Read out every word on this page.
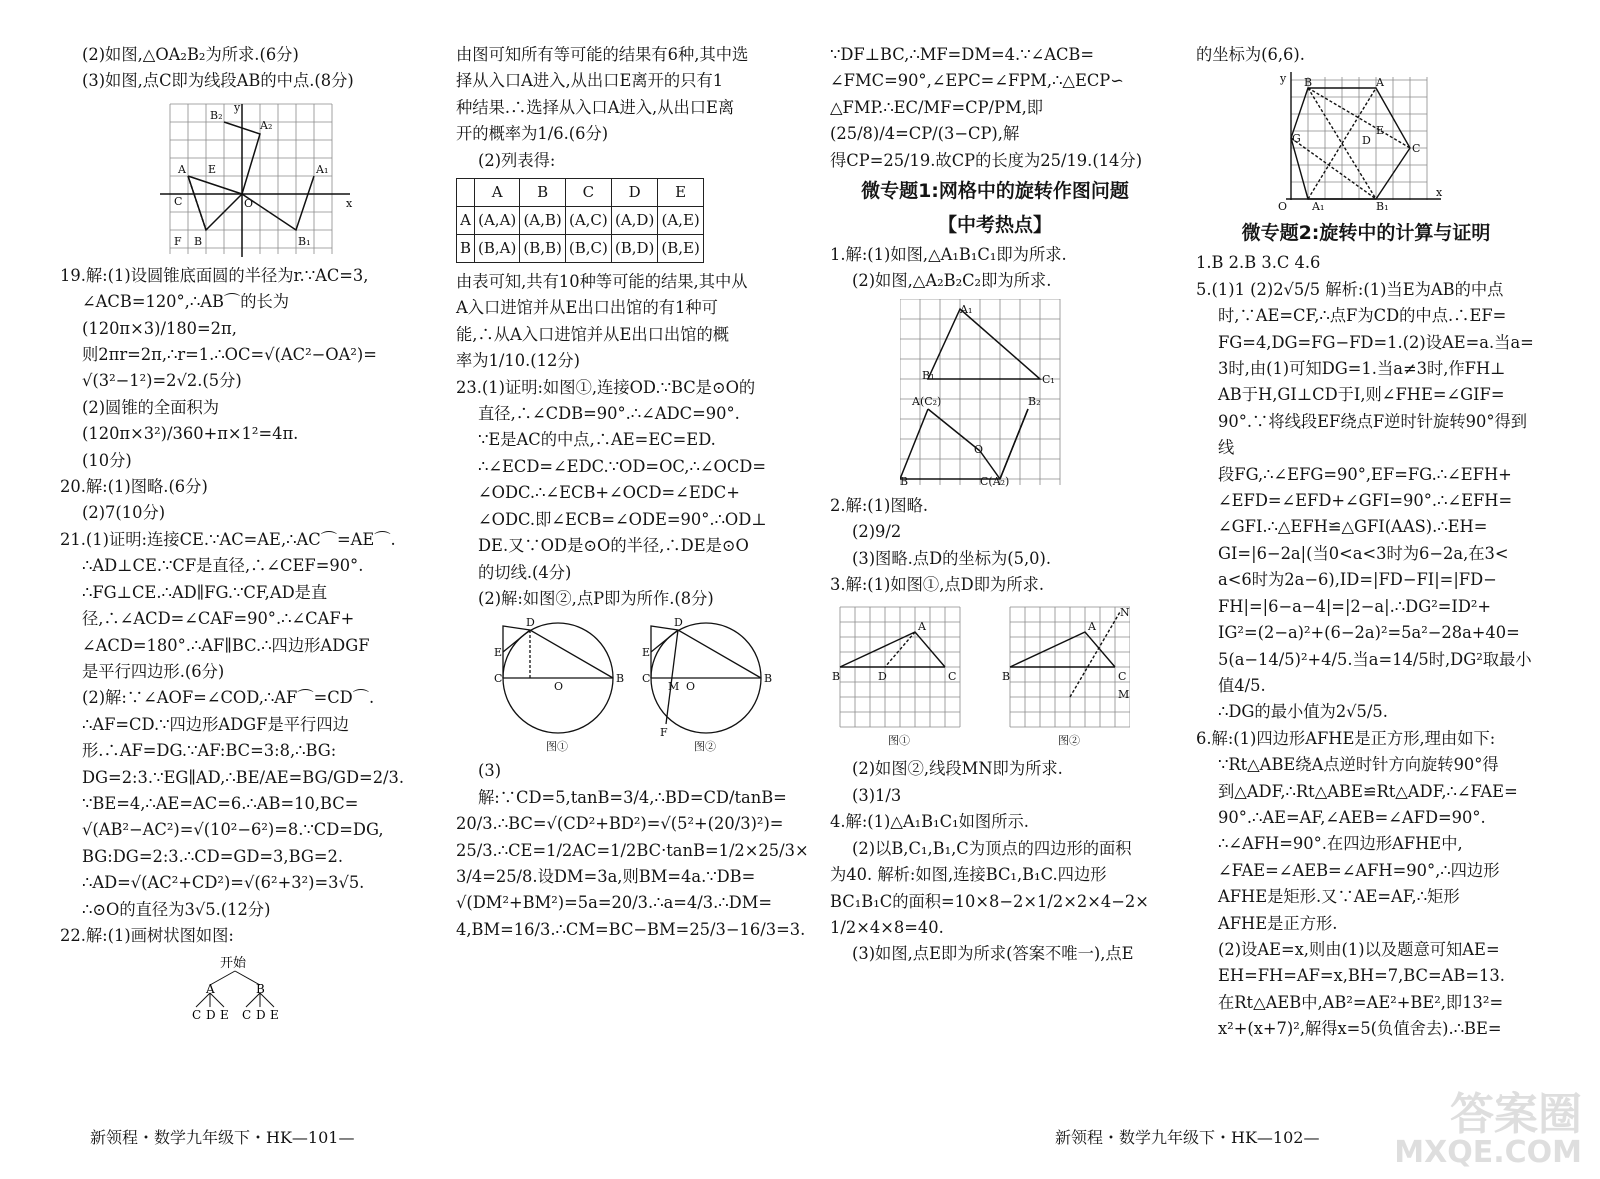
(2)如图,△OA₂B₂为所求.(6分)

(3)如图,点C即为线段AB的中点.(8分)

x
y
O
A E
C
F B
B₂
A₂
A₁
B₁

19.解:(1)设圆锥底面圆的半径为r.∵AC=3,

∠ACB=120°,∴AB⌒的长为(120π×3)/180=2π,

则2πr=2π,∴r=1.∴OC=√(AC²−OA²)=

√(3²−1²)=2√2.(5分)

(2)圆锥的全面积为(120π×3²)/360+π×1²=4π.

(10分)

20.解:(1)图略.(6分)

(2)7(10分)

21.(1)证明:连接CE.∵AC=AE,∴AC⌒=AE⌒.

∴AD⊥CE.∵CF是直径,∴∠CEF=90°.

∴FG⊥CE.∴AD∥FG.∵CF,AD是直

径,∴∠ACD=∠CAF=90°.∴∠CAF+

∠ACD=180°.∴AF∥BC.∴四边形ADGF

是平行四边形.(6分)

(2)解:∵∠AOF=∠COD,∴AF⌒=CD⌒.

∴AF=CD.∵四边形ADGF是平行四边

形.∴AF=DG.∵AF:BC=3:8,∴BG:

DG=2:3.∵EG∥AD,∴BE/AE=BG/GD=2/3.

∵BE=4,∴AE=AC=6.∴AB=10,BC=

√(AB²−AC²)=√(10²−6²)=8.∵CD=DG,

BG:DG=2:3.∴CD=GD=3,BG=2.

∴AD=√(AC²+CD²)=√(6²+3²)=3√5.

∴⊙O的直径为3√5.(12分)

22.解:(1)画树状图如图:

开始
A	B
C D E C D E

由图可知所有等可能的结果有6种,其中选

择从入口A进入,从出口E离开的只有1

种结果.∴选择从入口A进入,从出口E离

开的概率为1/6.(6分)

(2)列表得:

	A	B	C	D	E
A	(A,A)	(A,B)	(A,C)	(A,D)	(A,E)
B	(B,A)	(B,B)	(B,C)	(B,D)	(B,E)

由表可知,共有10种等可能的结果,其中从

A入口进馆并从E出口出馆的有1种可

能,∴从A入口进馆并从E出口出馆的概

率为1/10.(12分)

23.(1)证明:如图①,连接OD.∵BC是⊙O的

直径,∴∠CDB=90°.∴∠ADC=90°.

∵E是AC的中点,∴AE=EC=ED.

∴∠ECD=∠EDC.∵OD=OC,∴∠OCD=

∠ODC.∴∠ECB+∠OCD=∠EDC+

∠ODC.即∠ECB=∠ODE=90°.∴OD⊥

DE.又∵OD是⊙O的半径,∴DE是⊙O

的切线.(4分)

(2)解:如图②,点P即为所作.(8分)

D
E
C	B
O
D
E
C	B
M O
F
图①	图②

(3)解:∵CD=5,tanB=3/4,∴BD=CD/tanB=

20/3.∴BC=√(CD²+BD²)=√(5²+(20/3)²)=

25/3.∴CE=1/2AC=1/2BC·tanB=1/2×25/3×

3/4=25/8.设DM=3a,则BM=4a.∵DB=

√(DM²+BM²)=5a=20/3.∴a=4/3.∴DM=

4,BM=16/3.∴CM=BC−BM=25/3−16/3=3.

∵DF⊥BC,∴MF=DM=4.∵∠ACB=

∠FMC=90°,∠EPC=∠FPM,∴△ECP∽

△FMP.∴EC/MF=CP/PM,即(25/8)/4=CP/(3−CP),解

得CP=25/19.故CP的长度为25/19.(14分)

微专题1:网格中的旋转作图问题

【中考热点】

1.解:(1)如图,△A₁B₁C₁即为所求.

(2)如图,△A₂B₂C₂即为所求.

A₁
B₁	C₁
A(C₂)	B₂
O
B	C(A₂)

2.解:(1)图略.

(2)9/2

(3)图略.点D的坐标为(5,0).

3.解:(1)如图①,点D即为所求.

B
A
C
D	B
A
C
N
M
图①	图②

(2)如图②,线段MN即为所求.

(3)1/3

4.解:(1)△A₁B₁C₁如图所示.

(2)以B,C₁,B₁,C为顶点的四边形的面积

为40. 解析:如图,连接BC₁,B₁C.四边形

BC₁B₁C的面积=10×8−2×1/2×2×4−2×

1/2×4×8=40.

(3)如图,点E即为所求(答案不唯一),点E

的坐标为(6,6).

y
x
O
B	A
C
G	D
E
A₁	B₁

微专题2:旋转中的计算与证明

1.B 2.B 3.C 4.6

5.(1)1 (2)2√5/5 解析:(1)当E为AB的中点

时,∵AE=CF,∴点F为CD的中点.∴EF=

FG=4,DG=FG−FD=1.(2)设AE=a.当a=

3时,由(1)可知DG=1.当a≠3时,作FH⊥

AB于H,GI⊥CD于I,则∠FHE=∠GIF=

90°.∵将线段EF绕点F逆时针旋转90°得到线

段FG,∴∠EFG=90°,EF=FG.∴∠EFH+

∠EFD=∠EFD+∠GFI=90°.∴∠EFH=

∠GFI.∴△EFH≌△GFI(AAS).∴EH=

GI=|6−2a|(当0<a<3时为6−2a,在3<

a<6时为2a−6),ID=|FD−FI|=|FD−

FH|=|6−a−4|=|2−a|.∴DG²=ID²+

IG²=(2−a)²+(6−2a)²=5a²−28a+40=

5(a−14/5)²+4/5.当a=14/5时,DG²取最小值4/5.

∴DG的最小值为2√5/5.

6.解:(1)四边形AFHE是正方形,理由如下:

∵Rt△ABE绕A点逆时针方向旋转90°得

到△ADF,∴Rt△ABE≌Rt△ADF,∴∠FAE=

90°.∴AE=AF,∠AEB=∠AFD=90°.

∴∠AFH=90°.在四边形AFHE中,

∠FAE=∠AEB=∠AFH=90°,∴四边形

AFHE是矩形.又∵AE=AF,∴矩形

AFHE是正方形.

(2)设AE=x,则由(1)以及题意可知AE=

EH=FH=AF=x,BH=7,BC=AB=13.

在Rt△AEB中,AB²=AE²+BE²,即13²=

x²+(x+7)²,解得x=5(负值舍去).∴BE=

新领程・数学九年级下・HK—101—	新领程・数学九年级下・HK—102—	答案圈
MXQE.COM
